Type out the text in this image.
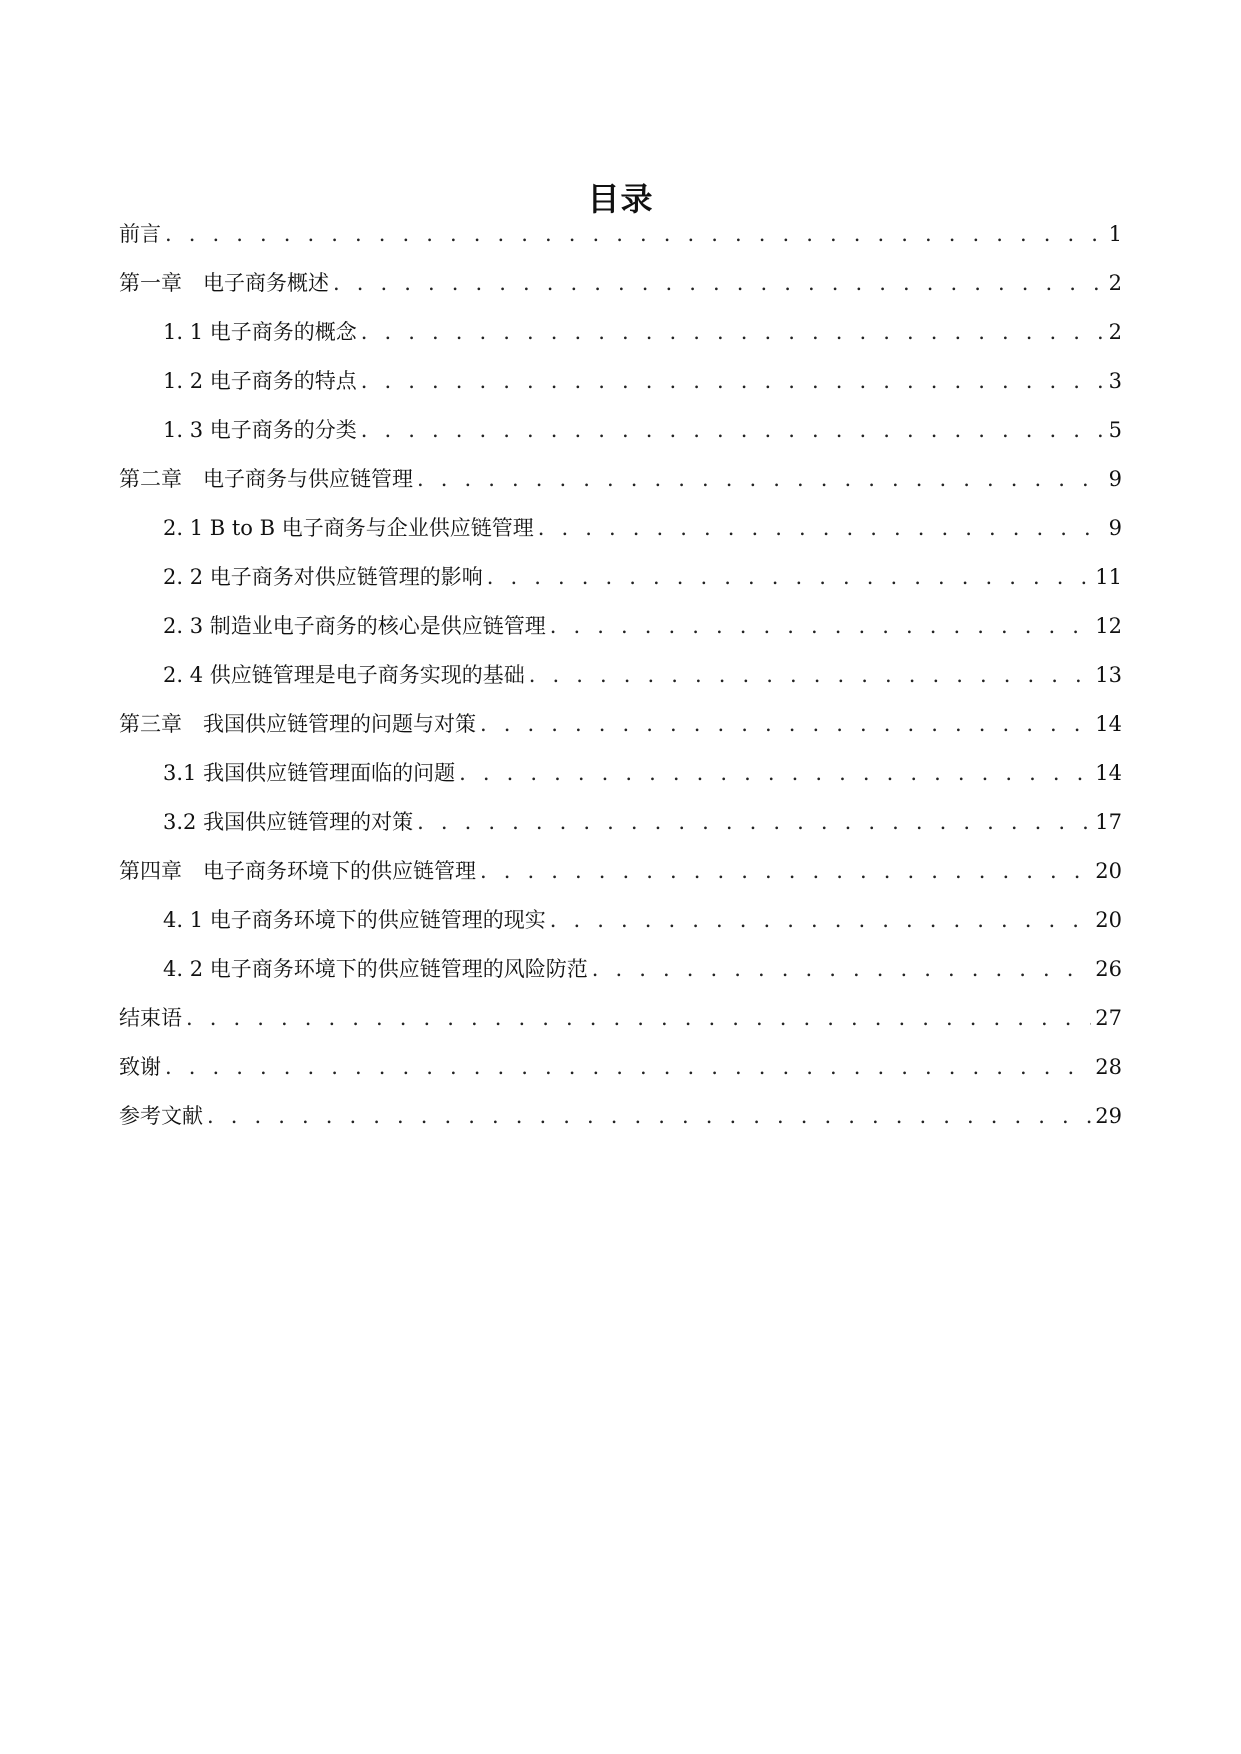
目录
前言 . . .	1
第一章　电子商务概述 . . .	2
1. 1 电子商务的概念 . . .	2
1. 2 电子商务的特点 . . .	3
1. 3 电子商务的分类 . . .	5
第二章　电子商务与供应链管理 . . .	9
2. 1 B to B 电子商务与企业供应链管理 . . .	9
2. 2 电子商务对供应链管理的影响 . . .	11
2. 3 制造业电子商务的核心是供应链管理 . . .	12
2. 4 供应链管理是电子商务实现的基础 . . .	13
第三章　我国供应链管理的问题与对策 . . .	14
3.1 我国供应链管理面临的问题 . . .	14
3.2 我国供应链管理的对策 . . .	17
第四章　电子商务环境下的供应链管理 . . .	20
4. 1 电子商务环境下的供应链管理的现实 . . .	20
4. 2 电子商务环境下的供应链管理的风险防范 . . .	26
结束语 . . .	27
致谢 . . .	28
参考文献 . . .	29
